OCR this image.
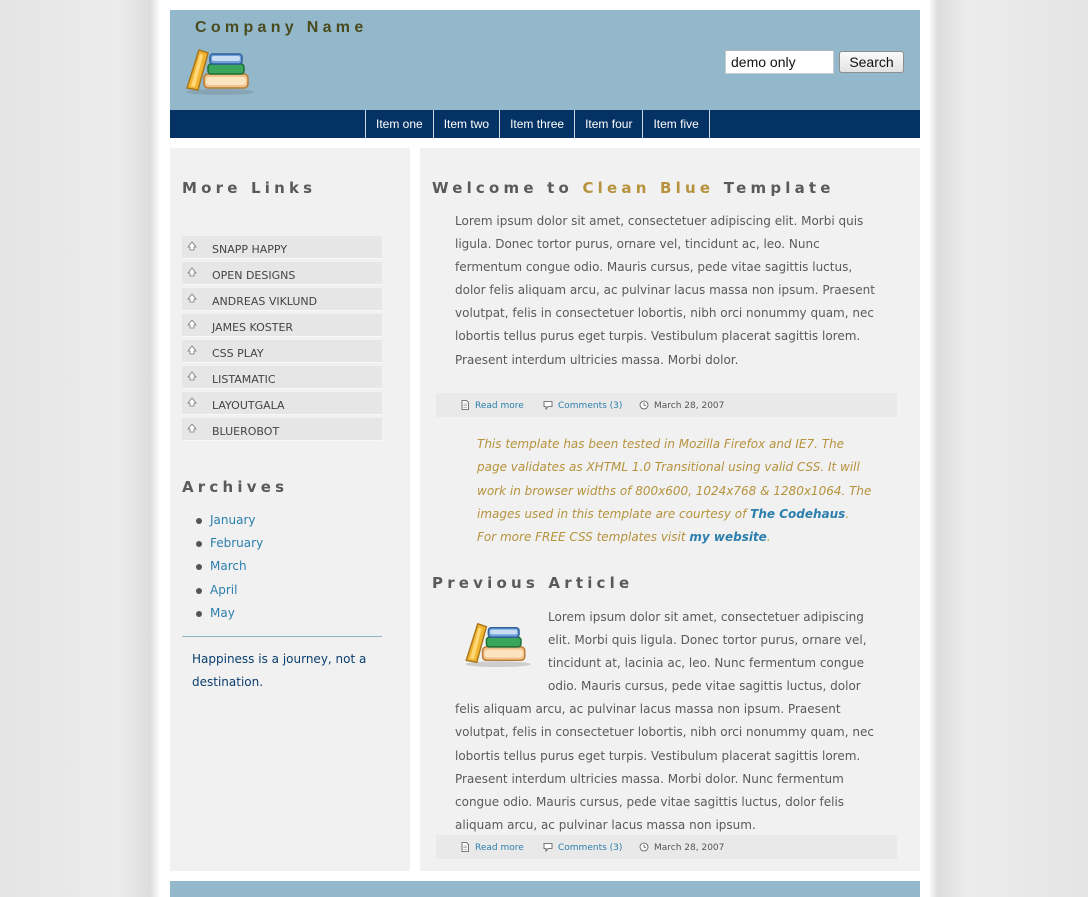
Company Name
demo only
Search
Item one	Item two	Item three	Item four	Item five
More Links
SNAPP HAPPY
OPEN DESIGNS
ANDREAS VIKLUND
JAMES KOSTER
CSS PLAY
LISTAMATIC
LAYOUTGALA
BLUEROBOT
Archives
January
February
March
April
May
Happiness is a journey, not a destination.
Welcome to Clean Blue Template
Lorem ipsum dolor sit amet, consectetuer adipiscing elit. Morbi quis ligula. Donec tortor purus, ornare vel, tincidunt ac, leo. Nunc fermentum congue odio. Mauris cursus, pede vitae sagittis luctus, dolor felis aliquam arcu, ac pulvinar lacus massa non ipsum. Praesent volutpat, felis in consectetuer lobortis, nibh orci nonummy quam, nec lobortis tellus purus eget turpis. Vestibulum placerat sagittis lorem. Praesent interdum ultricies massa. Morbi dolor.
Read more	Comments (3)	March 28, 2007
This template has been tested in Mozilla Firefox and IE7. The page validates as XHTML 1.0 Transitional using valid CSS. It will work in browser widths of 800x600, 1024x768 & 1280x1064. The images used in this template are courtesy of The Codehaus.
For more FREE CSS templates visit my website.
Previous Article
Lorem ipsum dolor sit amet, consectetuer adipiscing elit. Morbi quis ligula. Donec tortor purus, ornare vel, tincidunt at, lacinia ac, leo. Nunc fermentum congue odio. Mauris cursus, pede vitae sagittis luctus, dolor felis aliquam arcu, ac pulvinar lacus massa non ipsum. Praesent volutpat, felis in consectetuer lobortis, nibh orci nonummy quam, nec lobortis tellus purus eget turpis. Vestibulum placerat sagittis lorem. Praesent interdum ultricies massa. Morbi dolor. Nunc fermentum congue odio. Mauris cursus, pede vitae sagittis luctus, dolor felis aliquam arcu, ac pulvinar lacus massa non ipsum.
Read more	Comments (3)	March 28, 2007
